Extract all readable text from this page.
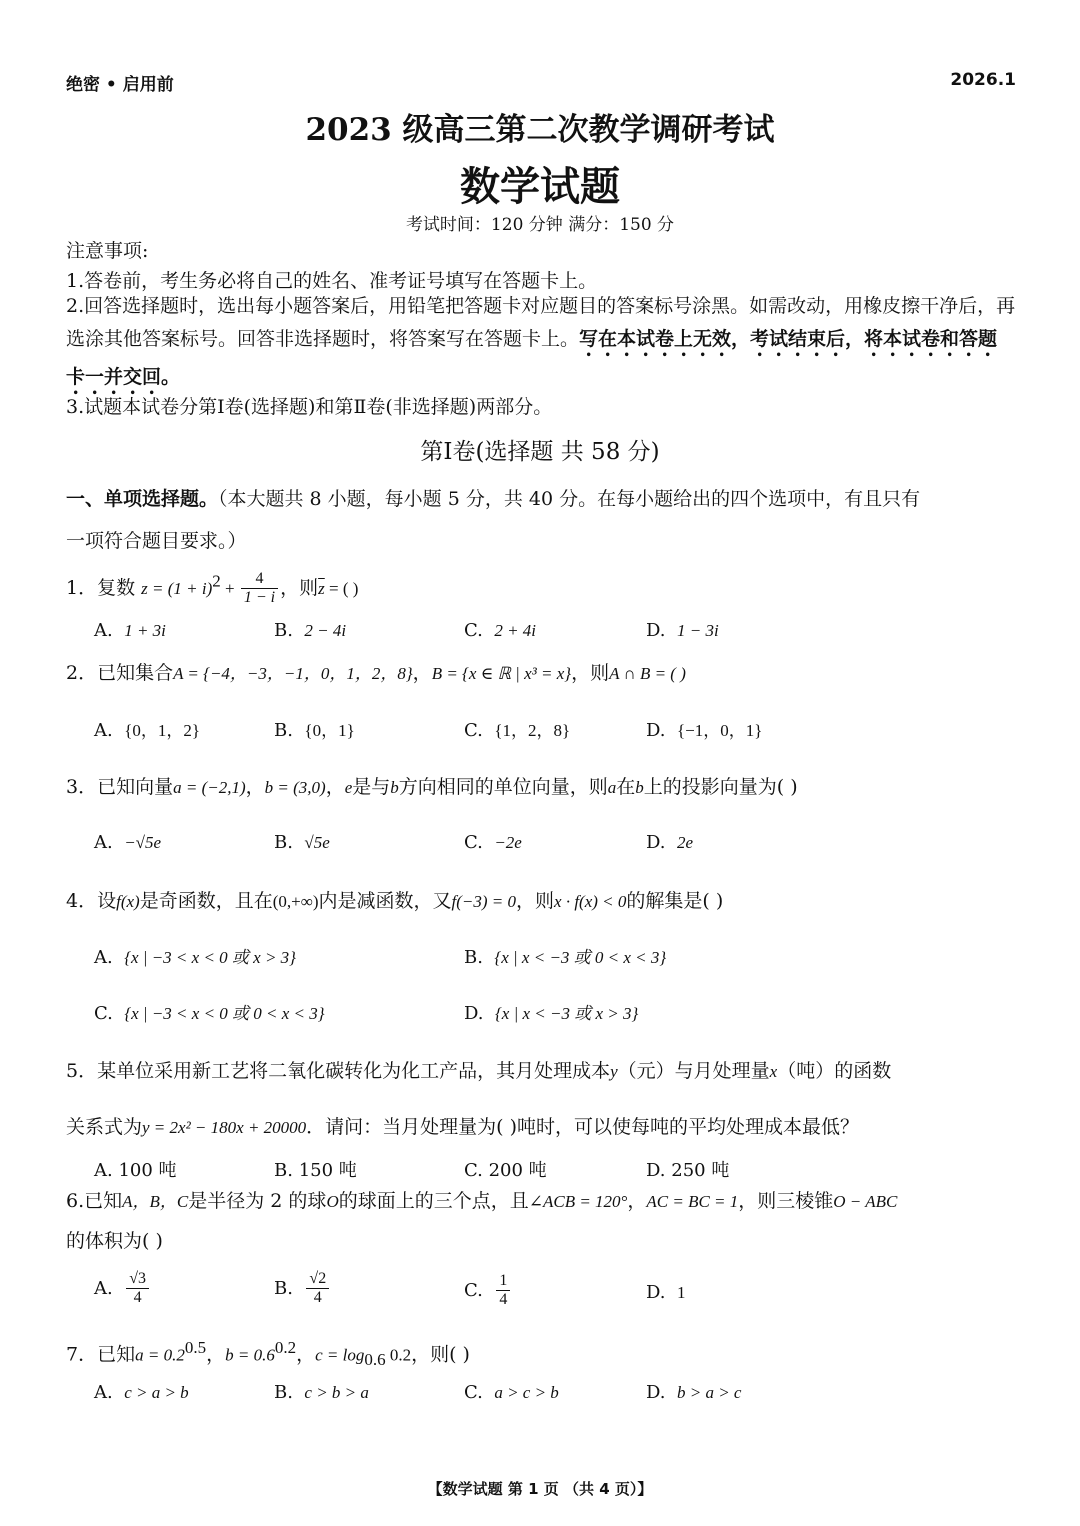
绝密 • 启用前	2026.1
2023 级高三第二次教学调研考试
数学试题
考试时间：120 分钟 满分：150 分
注意事项:
1.答卷前，考生务必将自己的姓名、准考证号填写在答题卡上。
2.回答选择题时，选出每小题答案后，用铅笔把答题卡对应题目的答案标号涂黑。如需改动，用橡皮擦干净后，再选涂其他答案标号。回答非选择题时，将答案写在答题卡上。写在本试卷上无效，考试结束后，将本试卷和答题卡一并交回。
3.试题本试卷分第Ⅰ卷(选择题)和第Ⅱ卷(非选择题)两部分。
第Ⅰ卷(选择题 共 58 分)
一、单项选择题。（本大题共 8 小题，每小题 5 分，共 40 分。在每小题给出的四个选项中，有且只有
一项符合题目要求。）
1．复数 $z = (1 + i)^2 + \frac{4}{1 - i}$ ，则$\overline{z}$ = ( )
A. 1 + 3i	B. 2 − 4i	C. 2 + 4i	D. 1 − 3i
2．已知集合A = {−4，−3，−1，0，1，2，8}，B = {x ∈ ℝ | x³ = x}，则A ∩ B = ( )
A. {0，1，2}	B. {0，1}	C. {1，2，8}	D. {−1，0，1}
3．已知向量a = (−2,1)，b = (3,0)，e是与b方向相同的单位向量，则a在b上的投影向量为( )
A. −√5e	B. √5e	C. −2e	D. 2e
4．设f(x)是奇函数，且在(0,+∞)内是减函数，又f(−3) = 0，则x · f(x) < 0的解集是( )
A. {x | −3 < x < 0 或 x > 3}	B. {x | x < −3 或 0 < x < 3}
C. {x | −3 < x < 0 或 0 < x < 3}	D. {x | x < −3 或 x > 3}
5．某单位采用新工艺将二氧化碳转化为化工产品，其月处理成本y（元）与月处理量x（吨）的函数
关系式为y = 2x² − 180x + 20000．请问：当月处理量为( )吨时，可以使每吨的平均处理成本最低？
A. 100 吨	B. 150 吨	C. 200 吨	D. 250 吨
6.已知A，B，C是半径为 2 的球O的球面上的三个点，且∠ACB = 120°，AC = BC = 1，则三棱锥O − ABC
的体积为( )
A. $\frac{√3}{4}$	B. $\frac{√2}{4}$	C. $\frac{1}{4}$	D. 1
7．已知$a = 0.2^{0.5}$，$b = 0.6^{0.2}$，$c = \log_{0.6} 0.2$，则( )
A. c > a > b	B. c > b > a	C. a > c > b	D. b > a > c
【数学试题 第 1 页 （共 4 页）】
